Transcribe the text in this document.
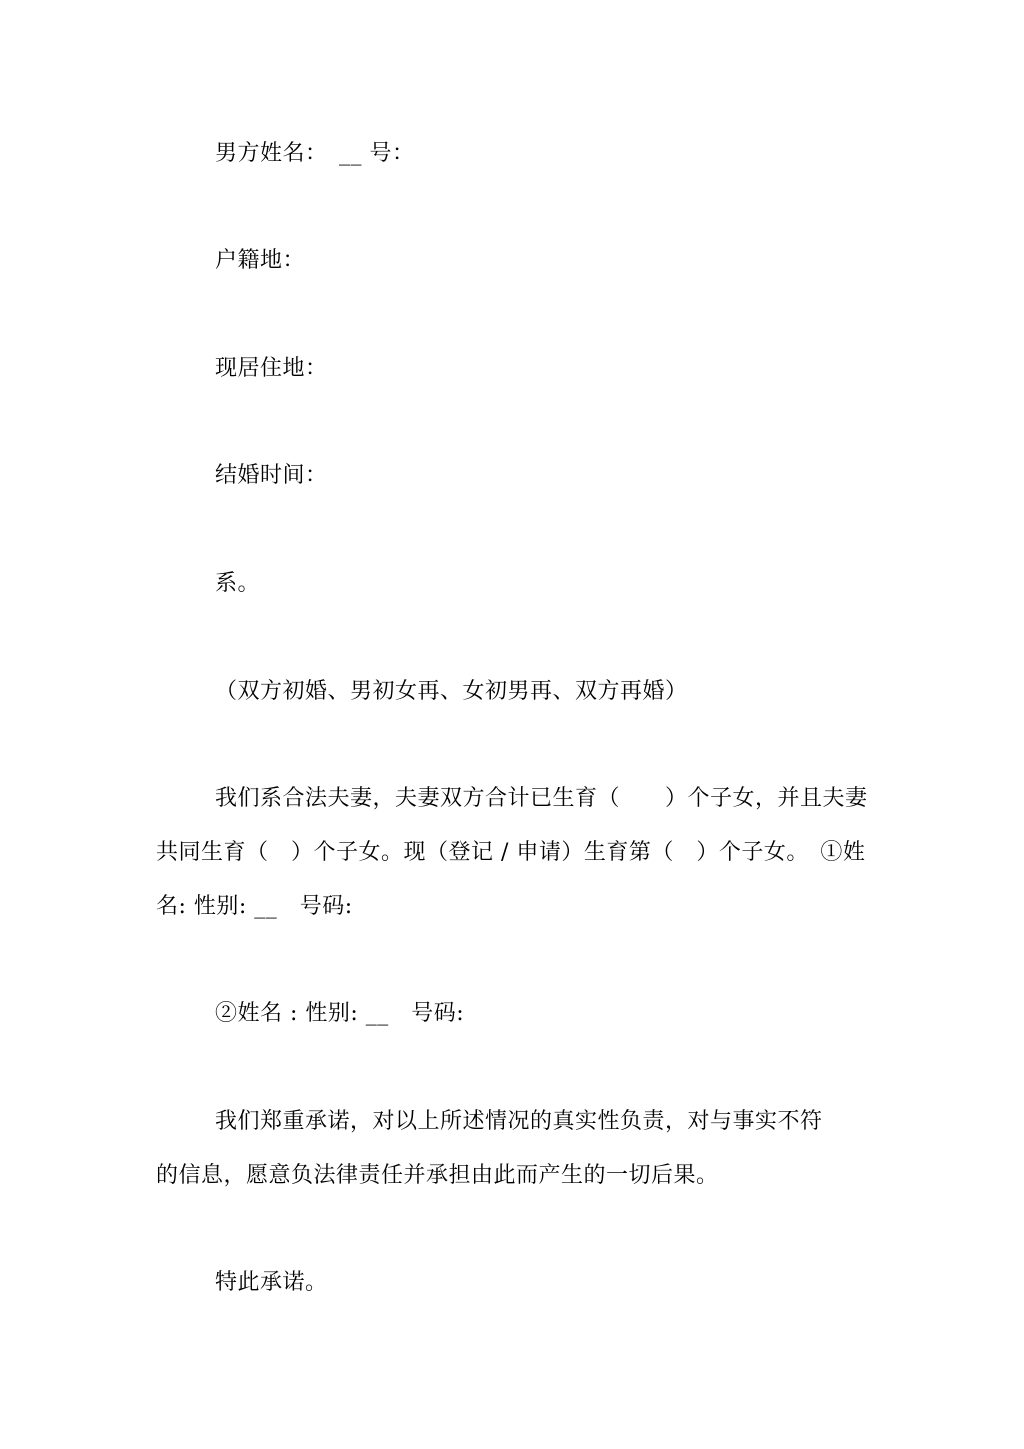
男方姓名：　__ 号：
户籍地：
现居住地：
结婚时间：
系。
（双方初婚、男初女再、女初男再、双方再婚）
我们系合法夫妻，夫妻双方合计已生育（　　）个子女，并且夫妻
共同生育（　）个子女。现（登记 / 申请）生育第（　）个子女。　①姓
名: 性别: __　号码:
②姓名 : 性别: __　号码:
我们郑重承诺，对以上所述情况的真实性负责，对与事实不符
的信息，愿意负法律责任并承担由此而产生的一切后果。
特此承诺。
